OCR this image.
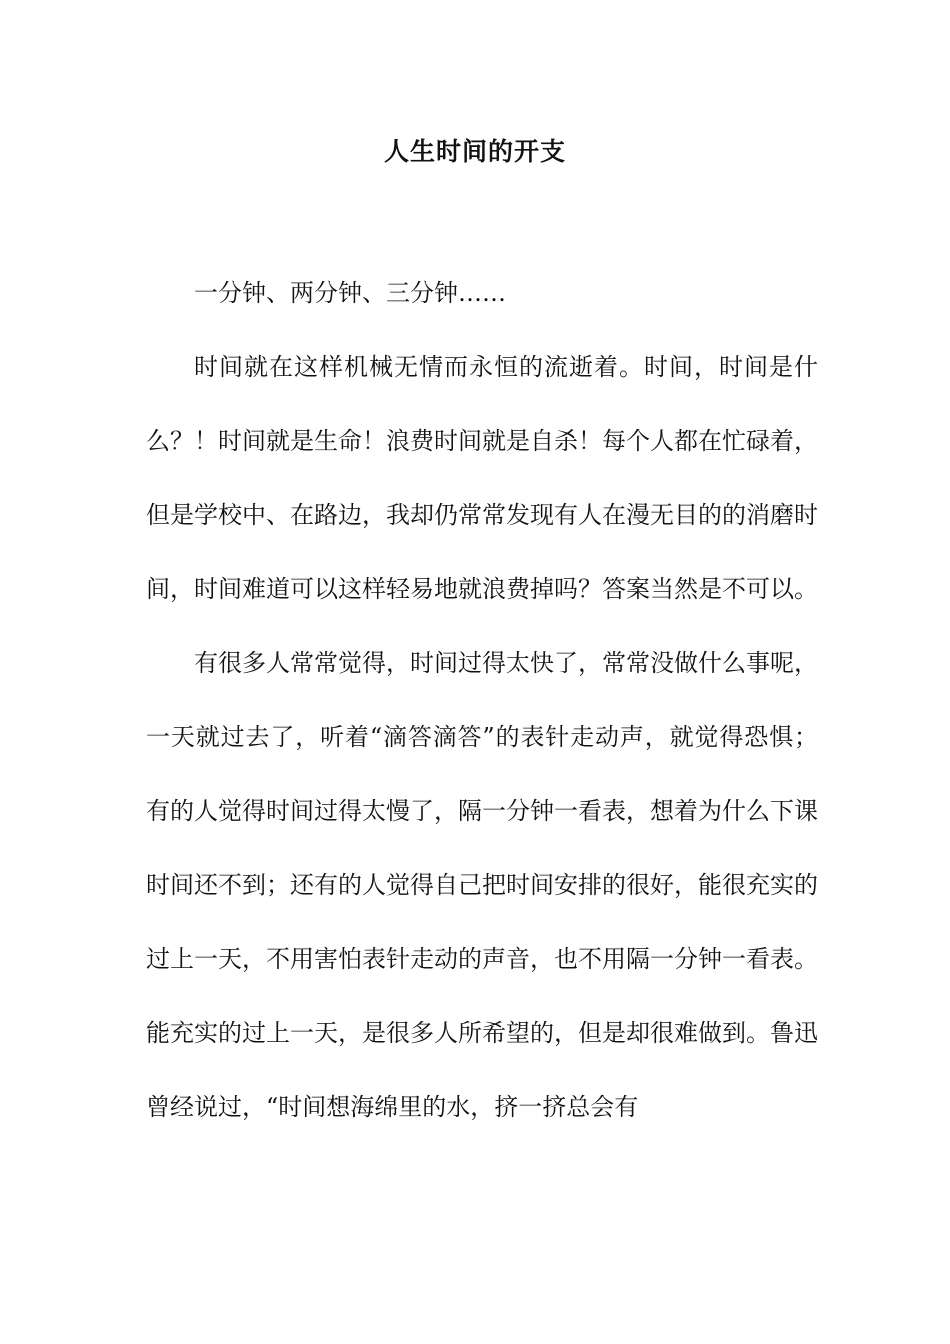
人生时间的开支

一分钟、两分钟、三分钟……

时间就在这样机械无情而永恒的流逝着。时间，时间是什么？！时间就是生命！浪费时间就是自杀！每个人都在忙碌着，但是学校中、在路边，我却仍常常发现有人在漫无目的的消磨时间，时间难道可以这样轻易地就浪费掉吗？答案当然是不可以。

有很多人常常觉得，时间过得太快了，常常没做什么事呢，一天就过去了，听着“滴答滴答”的表针走动声，就觉得恐惧；有的人觉得时间过得太慢了，隔一分钟一看表，想着为什么下课时间还不到；还有的人觉得自己把时间安排的很好，能很充实的过上一天，不用害怕表针走动的声音，也不用隔一分钟一看表。能充实的过上一天，是很多人所希望的，但是却很难做到。鲁迅曾经说过，“时间想海绵里的水，挤一挤总会有
